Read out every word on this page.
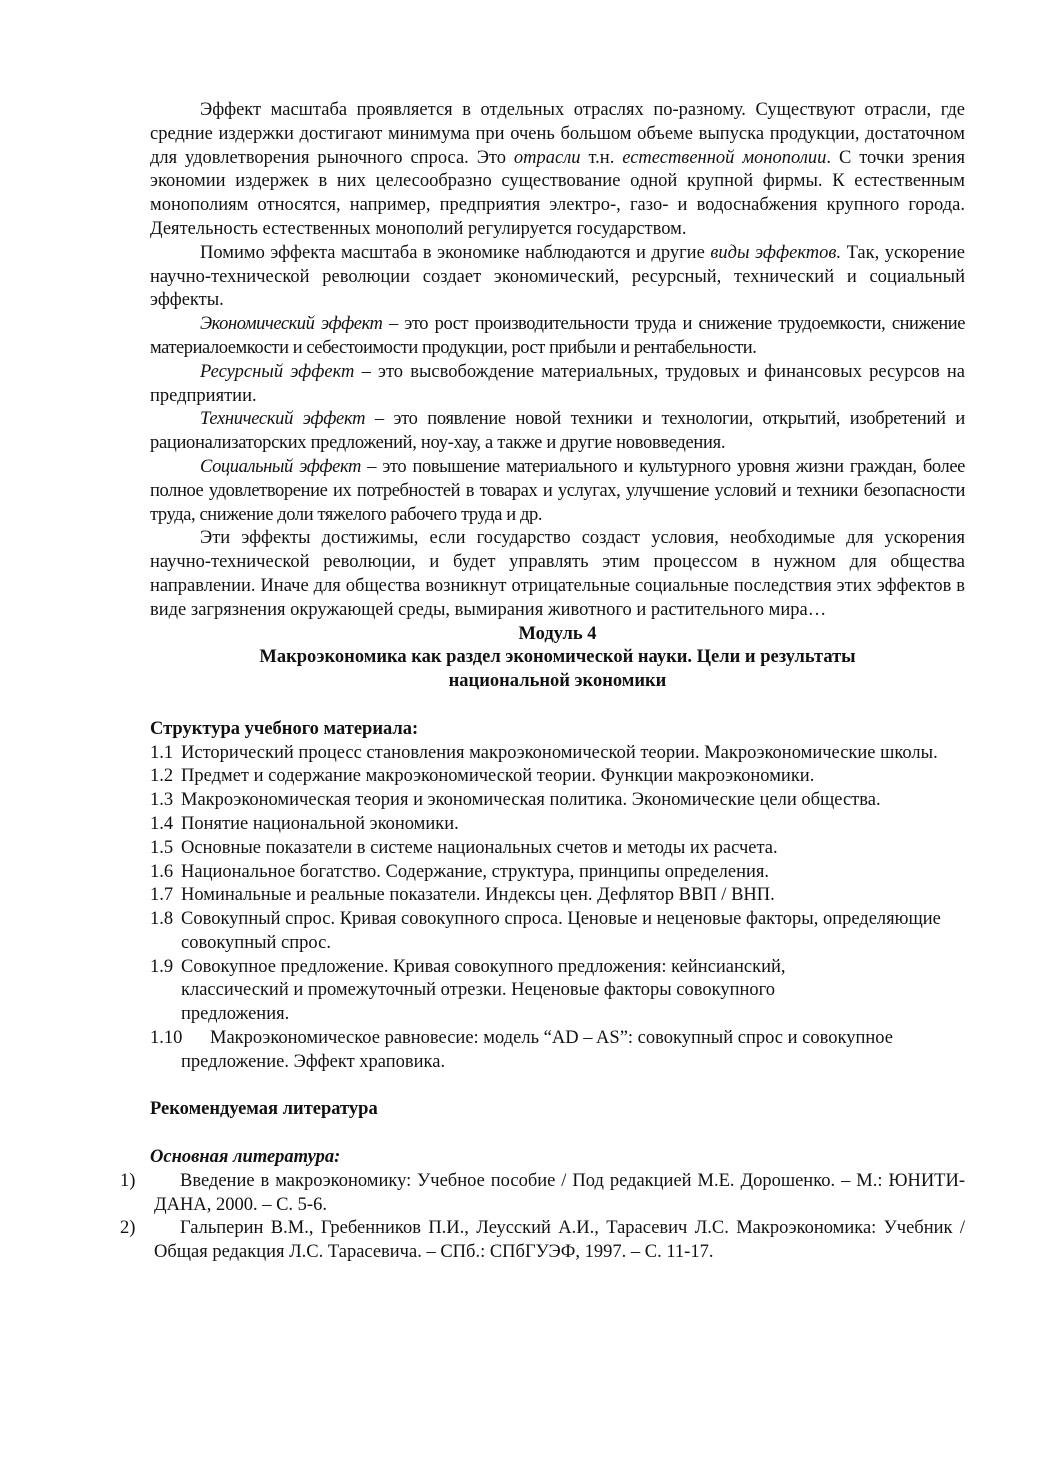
Эффект масштаба проявляется в отдельных отраслях по-разному. Существуют отрасли, где средние издержки достигают минимума при очень большом объеме выпуска продукции, достаточном для удовлетворения рыночного спроса. Это отрасли т.н. естественной монополии. С точки зрения экономии издержек в них целесообразно существование одной крупной фирмы. К естественным монополиям относятся, например, предприятия электро-, газо- и водоснабжения крупного города. Деятельность естественных монополий регулируется государством.

Помимо эффекта масштаба в экономике наблюдаются и другие виды эффектов. Так, ускорение научно-технической революции создает экономический, ресурсный, технический и социальный эффекты.

Экономический эффект – это рост производительности труда и снижение трудоемкости, снижение материалоемкости и себестоимости продукции, рост прибыли и рентабельности.

Ресурсный эффект – это высвобождение материальных, трудовых и финансовых ресурсов на предприятии.

Технический эффект – это появление новой техники и технологии, открытий, изобретений и рационализаторских предложений, ноу-хау, а также и другие нововведения.

Социальный эффект – это повышение материального и культурного уровня жизни граждан, более полное удовлетворение их потребностей в товарах и услугах, улучшение условий и техники безопасности труда, снижение доли тяжелого рабочего труда и др.

Эти эффекты достижимы, если государство создаст условия, необходимые для ускорения научно-технической революции, и будет управлять этим процессом в нужном для общества направлении. Иначе для общества возникнут отрицательные социальные последствия этих эффектов в виде загрязнения окружающей среды, вымирания животного и растительного мира…

Модуль 4

Макроэкономика как раздел экономической науки. Цели и результаты

национальной экономики

Структура учебного материала:

1.1 Исторический процесс становления макроэкономической теории. Макроэкономические школы.
1.2 Предмет и содержание макроэкономической теории. Функции макроэкономики.
1.3 Макроэкономическая теория и экономическая политика. Экономические цели общества.
1.4 Понятие национальной экономики.
1.5 Основные показатели в системе национальных счетов и методы их расчета.
1.6 Национальное богатство. Содержание, структура, принципы определения.
1.7 Номинальные и реальные показатели. Индексы цен. Дефлятор ВВП / ВНП.
1.8 Совокупный спрос. Кривая совокупного спроса. Ценовые и неценовые факторы, определяющие совокупный спрос.
1.9 Совокупное предложение. Кривая совокупного предложения: кейнсианский, классический и промежуточный отрезки. Неценовые факторы совокупного предложения.
1.10 Макроэкономическое равновесие: модель “AD – AS”: совокупный спрос и совокупное предложение. Эффект храповика.

Рекомендуемая литература

Основная литература:

1) Введение в макроэкономику: Учебное пособие / Под редакцией М.Е. Дорошенко. – М.: ЮНИТИ-ДАНА, 2000. – С. 5-6.

2) Гальперин В.М., Гребенников П.И., Леусский А.И., Тарасевич Л.С. Макроэкономика: Учебник / Общая редакция Л.С. Тарасевича. – СПб.: СПбГУЭФ, 1997. – С. 11-17.
